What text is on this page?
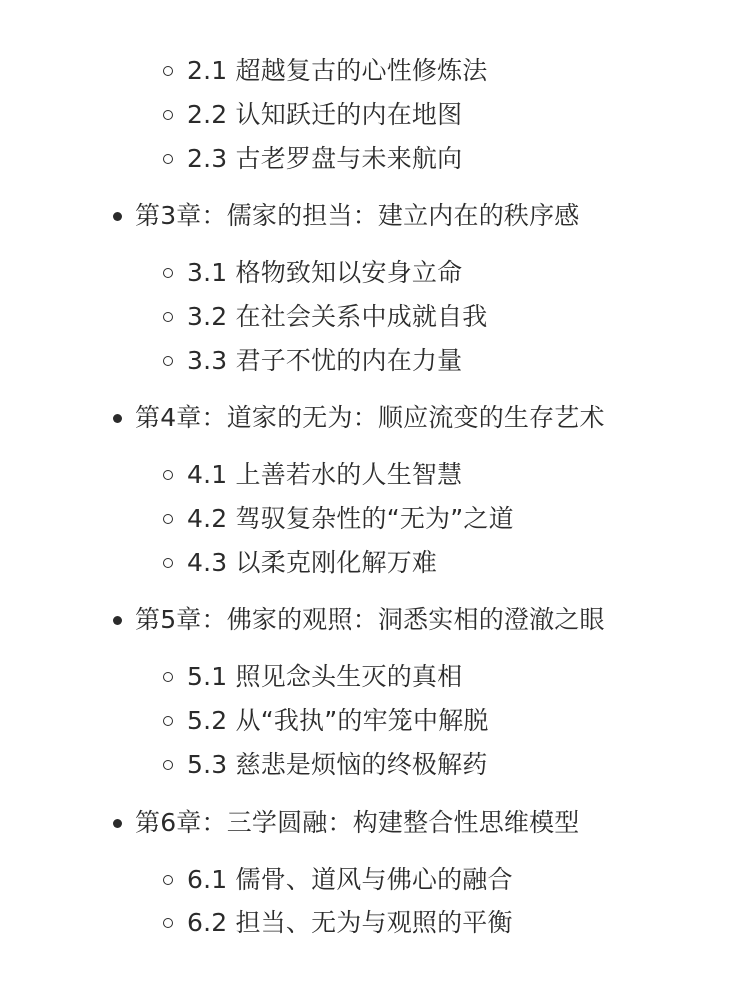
2.1 超越复古的心性修炼法
2.2 认知跃迁的内在地图
2.3 古老罗盘与未来航向
第3章：儒家的担当：建立内在的秩序感
3.1 格物致知以安身立命
3.2 在社会关系中成就自我
3.3 君子不忧的内在力量
第4章：道家的无为：顺应流变的生存艺术
4.1 上善若水的人生智慧
4.2 驾驭复杂性的“无为”之道
4.3 以柔克刚化解万难
第5章：佛家的观照：洞悉实相的澄澈之眼
5.1 照见念头生灭的真相
5.2 从“我执”的牢笼中解脱
5.3 慈悲是烦恼的终极解药
第6章：三学圆融：构建整合性思维模型
6.1 儒骨、道风与佛心的融合
6.2 担当、无为与观照的平衡
